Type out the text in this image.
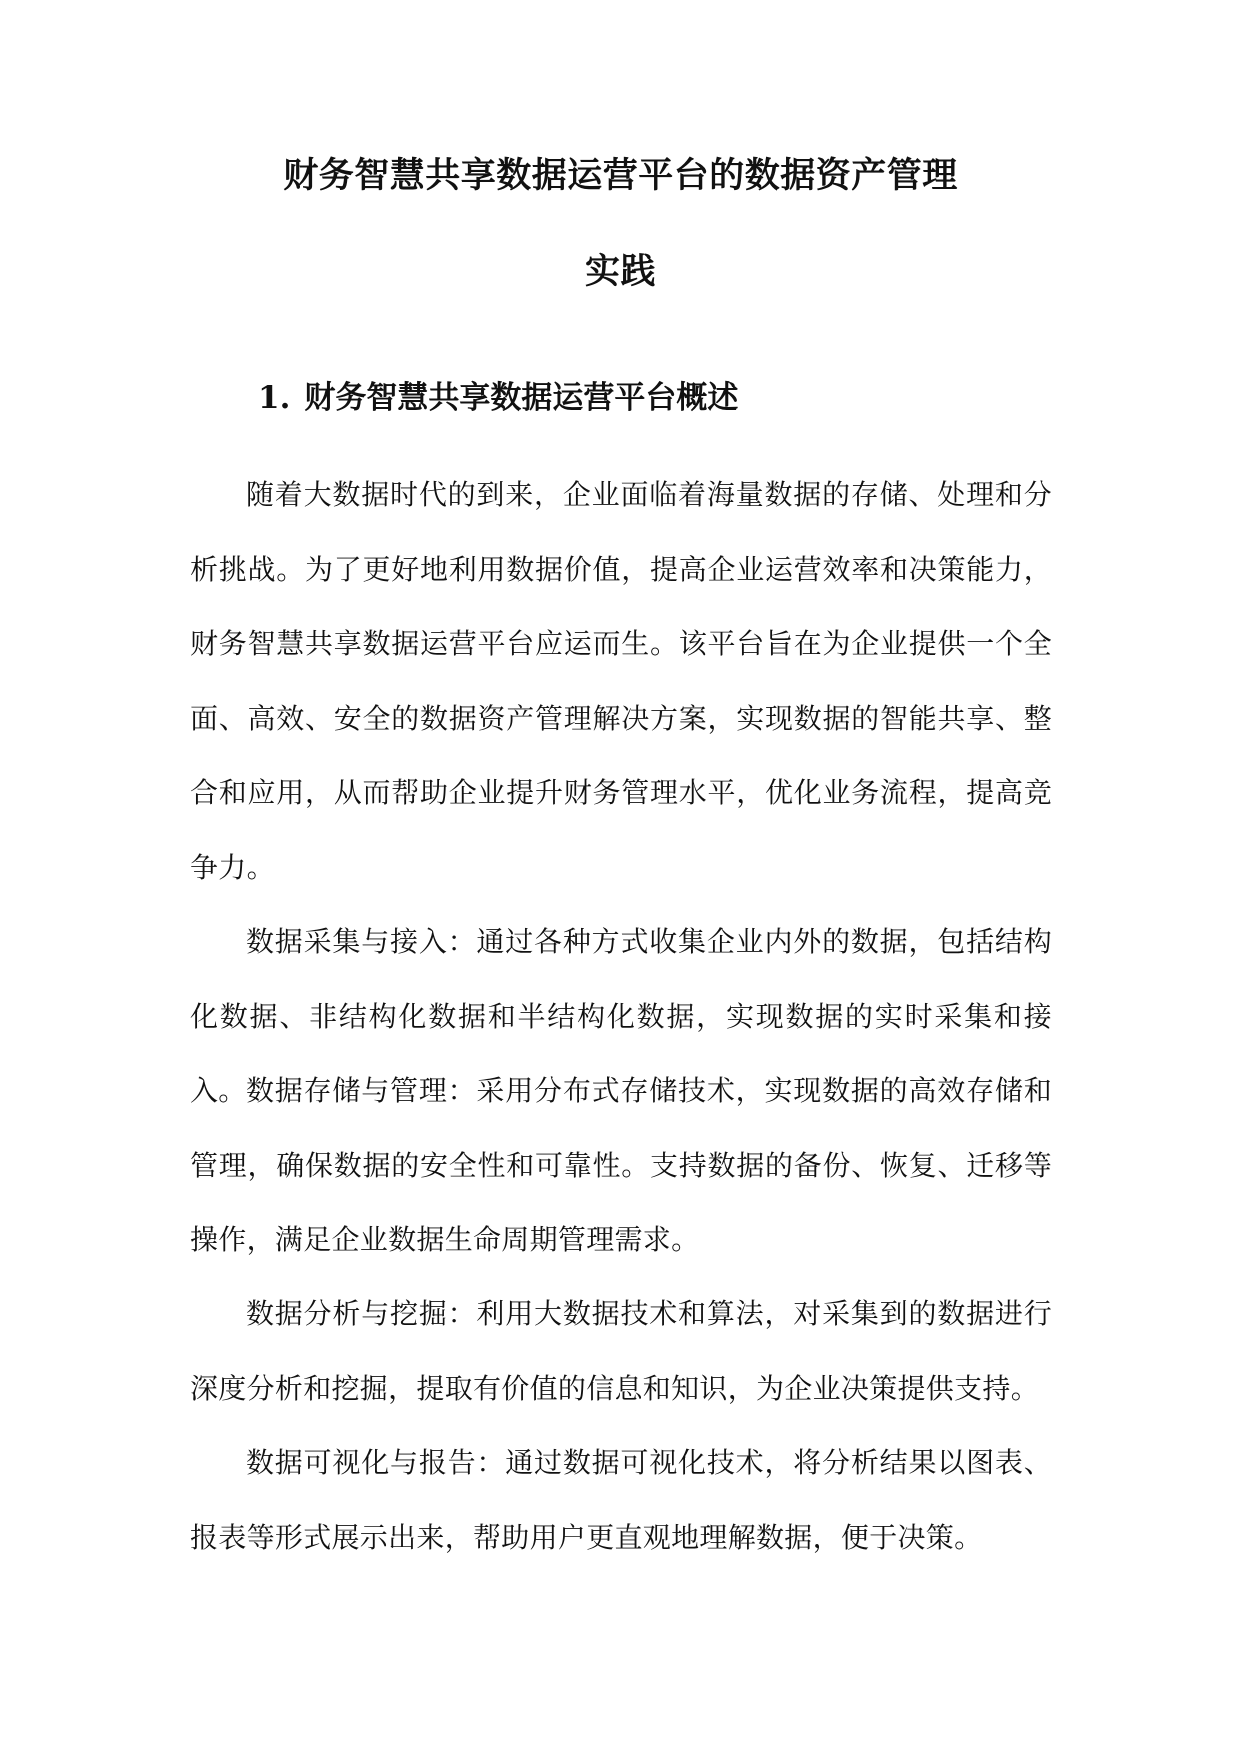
财务智慧共享数据运营平台的数据资产管理
实践
1. 财务智慧共享数据运营平台概述

随着大数据时代的到来，企业面临着海量数据的存储、处理和分析挑战。为了更好地利用数据价值，提高企业运营效率和决策能力，财务智慧共享数据运营平台应运而生。该平台旨在为企业提供一个全面、高效、安全的数据资产管理解决方案，实现数据的智能共享、整合和应用，从而帮助企业提升财务管理水平，优化业务流程，提高竞争力。

数据采集与接入：通过各种方式收集企业内外的数据，包括结构化数据、非结构化数据和半结构化数据，实现数据的实时采集和接入。 数据存储与管理：采用分布式存储技术，实现数据的高效存储和管理，确保数据的安全性和可靠性。支持数据的备份、恢复、迁移等操作，满足企业数据生命周期管理需求。

数据分析与挖掘：利用大数据技术和算法，对采集到的数据进行深度分析和挖掘，提取有价值的信息和知识，为企业决策提供支持。

数据可视化与报告：通过数据可视化技术，将分析结果以图表、报表等形式展示出来，帮助用户更直观地理解数据，便于决策。
